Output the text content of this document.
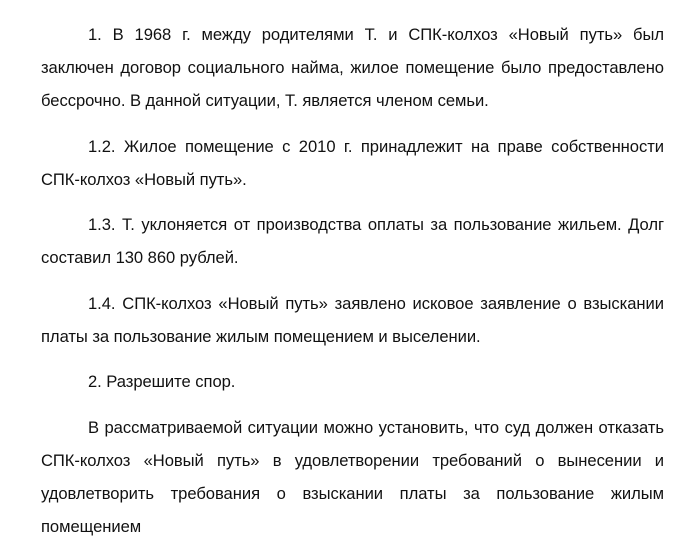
1. В 1968 г. между родителями Т. и СПК-колхоз «Новый путь» был заключен договор социального найма, жилое помещение было предоставлено бессрочно. В данной ситуации, Т. является членом семьи.

1.2. Жилое помещение с 2010 г. принадлежит на праве собственности СПК-колхоз «Новый путь».

1.3. Т. уклоняется от производства оплаты за пользование жильем. Долг составил 130 860 рублей.

1.4. СПК-колхоз «Новый путь» заявлено исковое заявление о взыскании платы за пользование жилым помещением и выселении.

2. Разрешите спор.

В рассматриваемой ситуации можно установить, что суд должен отказать СПК-колхоз «Новый путь» в удовлетворении требований о вынесении и удовлетворить требования о взыскании платы за пользование жилым помещением
